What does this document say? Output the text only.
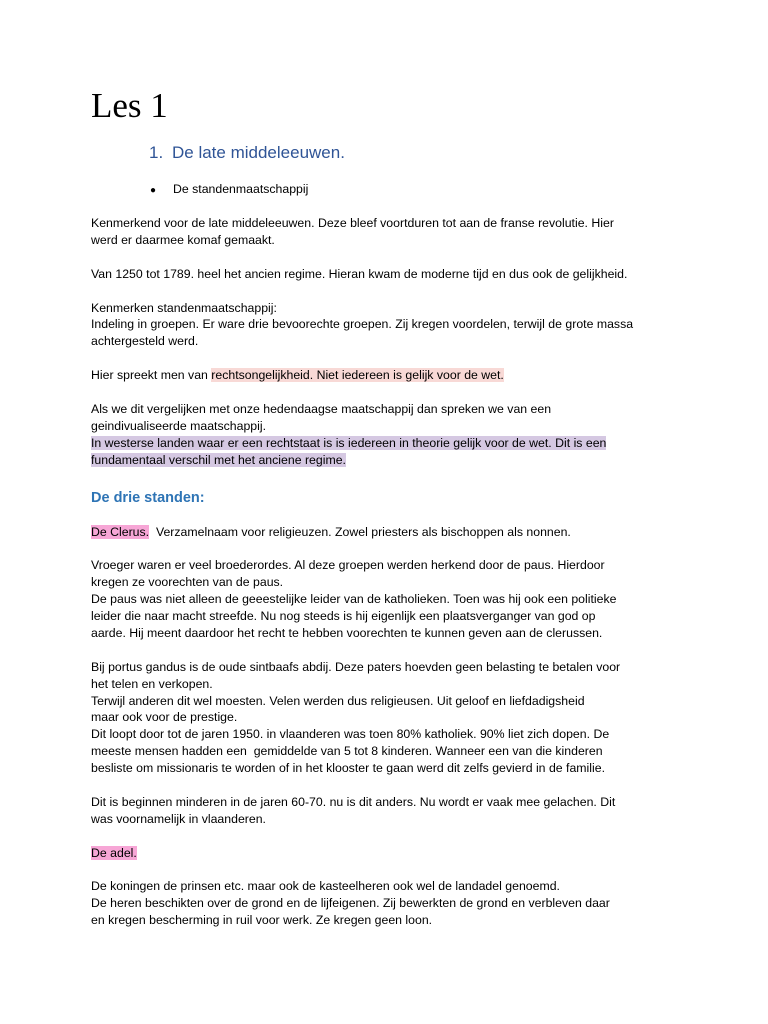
Les 1
1. De late middeleeuwen.
● De standenmaatschappij

Kenmerkend voor de late middeleeuwen. Deze bleef voortduren tot aan de franse revolutie. Hier

werd er daarmee komaf gemaakt.

Van 1250 tot 1789. heel het ancien regime. Hieran kwam de moderne tijd en dus ook de gelijkheid.

Kenmerken standenmaatschappij:

Indeling in groepen. Er ware drie bevoorechte groepen. Zij kregen voordelen, terwijl de grote massa

achtergesteld werd.

Hier spreekt men van rechtsongelijkheid. Niet iedereen is gelijk voor de wet.

Als we dit vergelijken met onze hedendaagse maatschappij dan spreken we van een

geindivualiseerde maatschappij.

In westerse landen waar er een rechtstaat is is iedereen in theorie gelijk voor de wet. Dit is een

fundamentaal verschil met het anciene regime.

De drie standen:

De Clerus. Verzamelnaam voor religieuzen. Zowel priesters als bischoppen als nonnen.

Vroeger waren er veel broederordes. Al deze groepen werden herkend door de paus. Hierdoor

kregen ze voorechten van de paus.

De paus was niet alleen de geeestelijke leider van de katholieken. Toen was hij ook een politieke

leider die naar macht streefde. Nu nog steeds is hij eigenlijk een plaatsverganger van god op

aarde. Hij meent daardoor het recht te hebben voorechten te kunnen geven aan de clerussen.

Bij portus gandus is de oude sintbaafs abdij. Deze paters hoevden geen belasting te betalen voor

het telen en verkopen.

Terwijl anderen dit wel moesten. Velen werden dus religieusen. Uit geloof en liefdadigsheid

maar ook voor de prestige.

Dit loopt door tot de jaren 1950. in vlaanderen was toen 80% katholiek. 90% liet zich dopen. De

meeste mensen hadden een  gemiddelde van 5 tot 8 kinderen. Wanneer een van die kinderen

besliste om missionaris te worden of in het klooster te gaan werd dit zelfs gevierd in de familie.

Dit is beginnen minderen in de jaren 60-70. nu is dit anders. Nu wordt er vaak mee gelachen. Dit

was voornamelijk in vlaanderen.

De adel.

De koningen de prinsen etc. maar ook de kasteelheren ook wel de landadel genoemd.

De heren beschikten over de grond en de lijfeigenen. Zij bewerkten de grond en verbleven daar

en kregen bescherming in ruil voor werk. Ze kregen geen loon.
